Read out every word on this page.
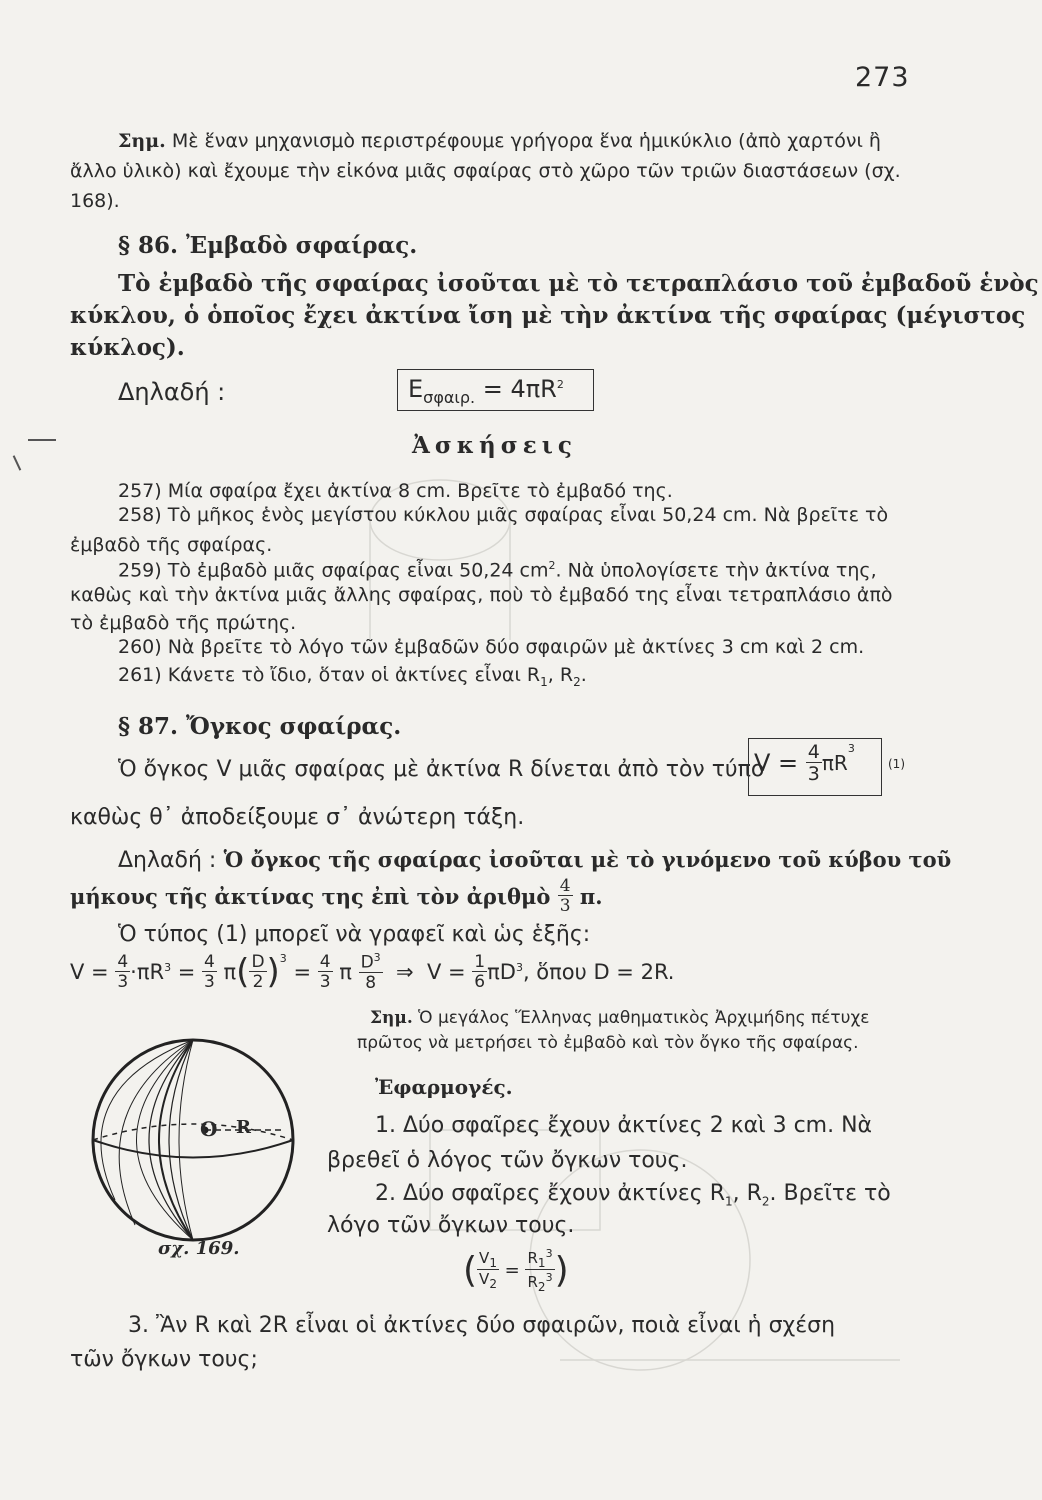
273
Σημ. Μὲ ἕναν μηχανισμὸ περιστρέφουμε γρήγορα ἕνα ἡμικύκλιο (ἀπὸ χαρτόνι ἢ
ἄλλο ὑλικὸ) καὶ ἔχουμε τὴν εἰκόνα μιᾶς σφαίρας στὸ χῶρο τῶν τριῶν διαστάσεων (σχ.
168).
§ 86. Ἐμβαδὸ σφαίρας.
Τὸ ἐμβαδὸ τῆς σφαίρας ἰσοῦται μὲ τὸ τετραπλάσιο τοῦ ἐμβαδοῦ ἑνὸς
κύκλου, ὁ ὁποῖος ἔχει ἀκτίνα ἴση μὲ τὴν ἀκτίνα τῆς σφαίρας (μέγιστος
κύκλος).
Δηλαδή :	$E_{\sigma\varphi\alpha\iota\rho.} = 4\pi R^2$
Ἀσκήσεις
257) Μία σφαίρα ἔχει ἀκτίνα 8 cm. Βρεῖτε τὸ ἐμβαδό της.
258) Τὸ μῆκος ἑνὸς μεγίστου κύκλου μιᾶς σφαίρας εἶναι 50,24 cm. Νὰ βρεῖτε τὸ
ἐμβαδὸ τῆς σφαίρας.
259) Τὸ ἐμβαδὸ μιᾶς σφαίρας εἶναι 50,24 $cm^2$. Νὰ ὑπολογίσετε τὴν ἀκτίνα της,
καθὼς καὶ τὴν ἀκτίνα μιᾶς ἄλλης σφαίρας, ποὺ τὸ ἐμβαδό της εἶναι τετραπλάσιο ἀπὸ
τὸ ἐμβαδὸ τῆς πρώτης.
260) Νὰ βρεῖτε τὸ λόγο τῶν ἐμβαδῶν δύο σφαιρῶν μὲ ἀκτίνες 3 cm καὶ 2 cm.
261) Κάνετε τὸ ἴδιο, ὅταν οἱ ἀκτίνες εἶναι $R_1$, $R_2$.
§ 87. Ὄγκος σφαίρας.
Ὁ ὄγκος V μιᾶς σφαίρας μὲ ἀκτίνα R δίνεται ἀπὸ τὸν τύπο
$V = \frac{4}{3} \pi R^3$
(1)
καθὼς θ᾽ ἀποδείξουμε σ᾽ ἀνώτερη τάξη.
Δηλαδή : Ὁ ὄγκος τῆς σφαίρας ἰσοῦται μὲ τὸ γινόμενο τοῦ κύβου τοῦ
μήκους τῆς ἀκτίνας της ἐπὶ τὸν ἀριθμὸ $\frac{4}{3} \pi$.
Ὁ τύπος (1) μπορεῖ νὰ γραφεῖ καὶ ὡς ἑξῆς:
$V = \frac{4}{3} \cdot\pi R^3 = \frac{4}{3} \pi( \frac{D}{2} )^3 = \frac{4}{3}$ π $\frac{D^3}{8}$ ⇒  $V = \frac{1}{6} \pi D^3$, ὅπου D = 2R.
Σημ. Ὁ μεγάλος Ἕλληνας μαθηματικὸς Ἀρχιμήδης πέτυχε
πρῶτος νὰ μετρήσει τὸ ἐμβαδὸ καὶ τὸν ὄγκο τῆς σφαίρας.
Ο R
σχ. 169.
Ἐφαρμογές.
1. Δύο σφαῖρες ἔχουν ἀκτίνες 2 καὶ 3 cm. Νὰ
βρεθεῖ ὁ λόγος τῶν ὄγκων τους.
2. Δύο σφαῖρες ἔχουν ἀκτίνες $R_1$, $R_2$. Βρεῖτε τὸ
λόγο τῶν ὄγκων τους.
( $\frac{V_1}{V_2} = \frac{R_1^3}{R_2^3}$ )
3. Ἂν R καὶ 2R εἶναι οἱ ἀκτίνες δύο σφαιρῶν, ποιὰ εἶναι ἡ σχέση
τῶν ὄγκων τους;
